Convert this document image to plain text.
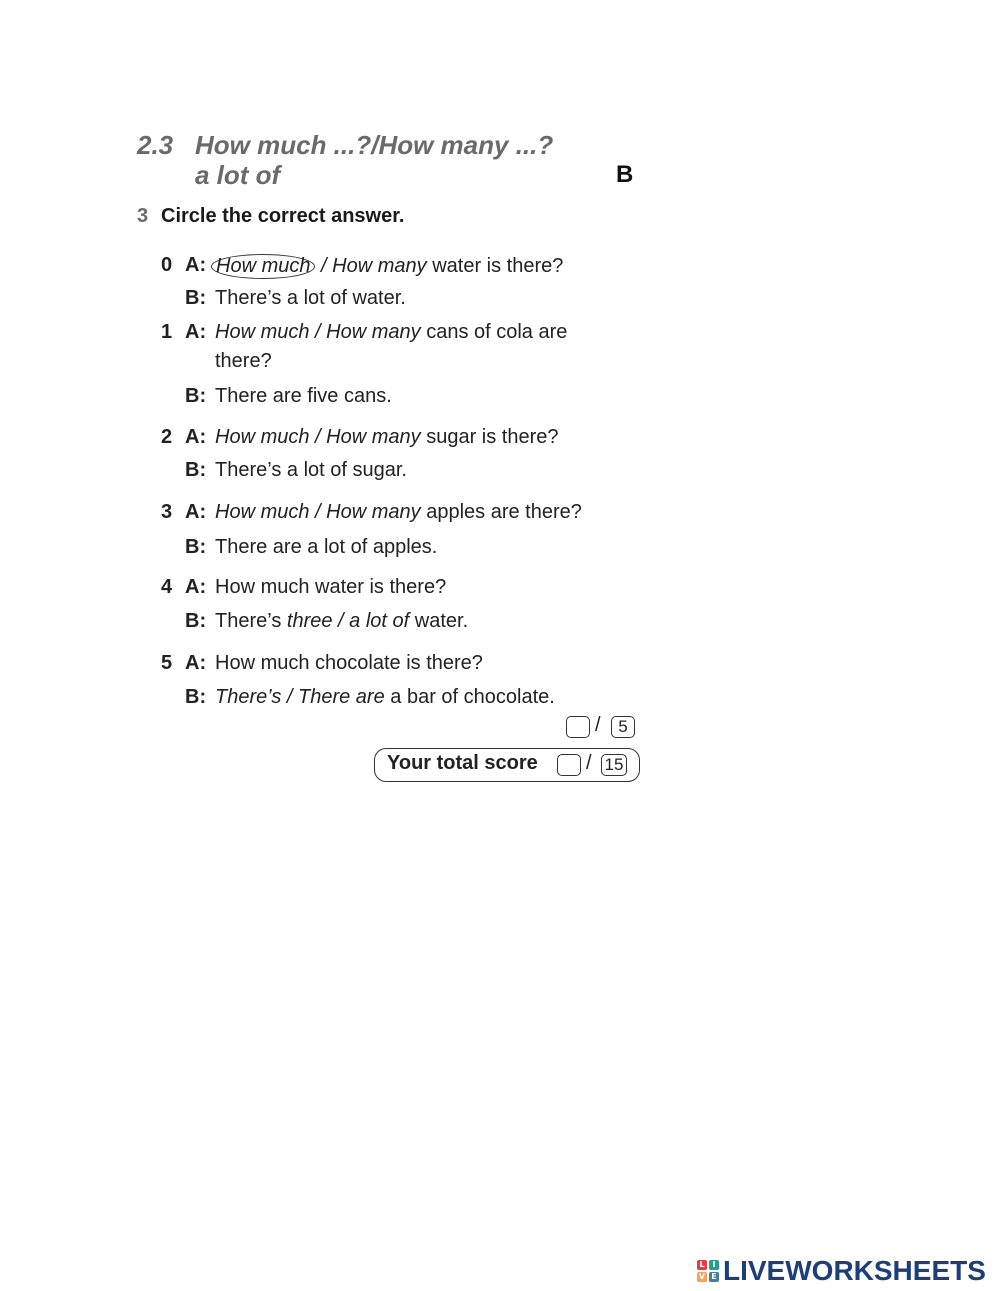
2.3 How much ...?/How many ...?
a lot of	B
3 Circle the correct answer.
0 A: How much / How many water is there?
B: There’s a lot of water.
1 A: How much / How many cans of cola are
there?
B: There are five cans.
2 A: How much / How many sugar is there?
B: There’s a lot of sugar.
3 A: How much / How many apples are there?
B: There are a lot of apples.
4 A: How much water is there?
B: There’s three / a lot of water.
5 A: How much chocolate is there?
B: There’s / There are a bar of chocolate.
/	5
Your total score / 15
L I
V E LIVEWORKSHEETS
